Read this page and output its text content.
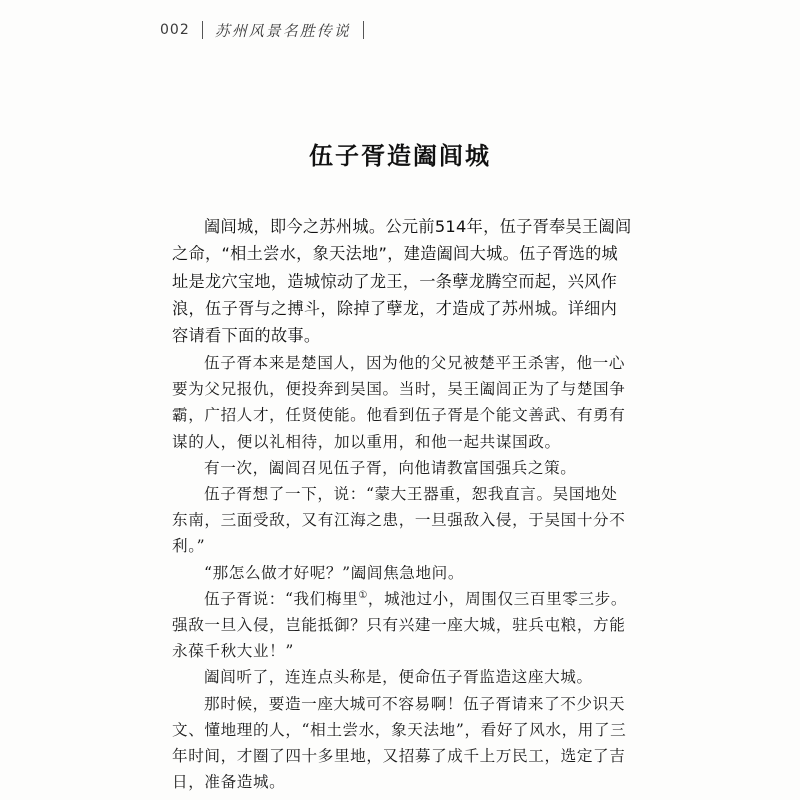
002 苏州风景名胜传说
伍子胥造阖闾城

阖闾城，即今之苏州城。公元前514年，伍子胥奉吴王阖闾之命，“相土尝水，象天法地”，建造阖闾大城。伍子胥选的城址是龙穴宝地，造城惊动了龙王，一条孽龙腾空而起，兴风作浪，伍子胥与之搏斗，除掉了孽龙，才造成了苏州城。详细内容请看下面的故事。

伍子胥本来是楚国人，因为他的父兄被楚平王杀害，他一心要为父兄报仇，便投奔到吴国。当时，吴王阖闾正为了与楚国争霸，广招人才，任贤使能。他看到伍子胥是个能文善武、有勇有谋的人，便以礼相待，加以重用，和他一起共谋国政。

有一次，阖闾召见伍子胥，向他请教富国强兵之策。

伍子胥想了一下，说：“蒙大王器重，恕我直言。吴国地处东南，三面受敌，又有江海之患，一旦强敌入侵，于吴国十分不利。”

“那怎么做才好呢？”阖闾焦急地问。

伍子胥说：“我们梅里①，城池过小，周围仅三百里零三步。强敌一旦入侵，岂能抵御？只有兴建一座大城，驻兵屯粮，方能永葆千秋大业！”

阖闾听了，连连点头称是，便命伍子胥监造这座大城。

那时候，要造一座大城可不容易啊！伍子胥请来了不少识天文、懂地理的人，“相土尝水，象天法地”，看好了风水，用了三年时间，才圈了四十多里地，又招募了成千上万民工，选定了吉日，准备造城。
